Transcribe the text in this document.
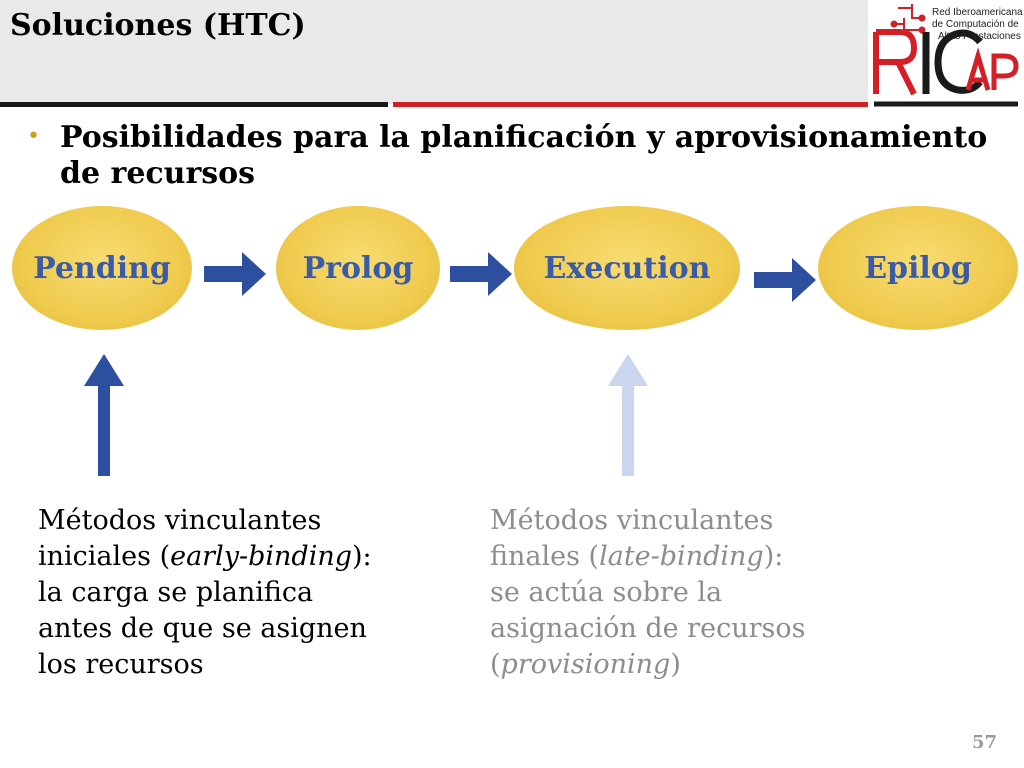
Soluciones (HTC)	Red Iberoamericana
de Computación de
Altas Prestaciones
• Posibilidades para la planificación y aprovisionamiento de recursos
Pending	Prolog	Execution	Epilog
Métodos vinculantes
iniciales (early-binding):
la carga se planifica
antes de que se asignen
los recursos
Métodos vinculantes
finales (late-binding):
se actúa sobre la
asignación de recursos
(provisioning)
57
